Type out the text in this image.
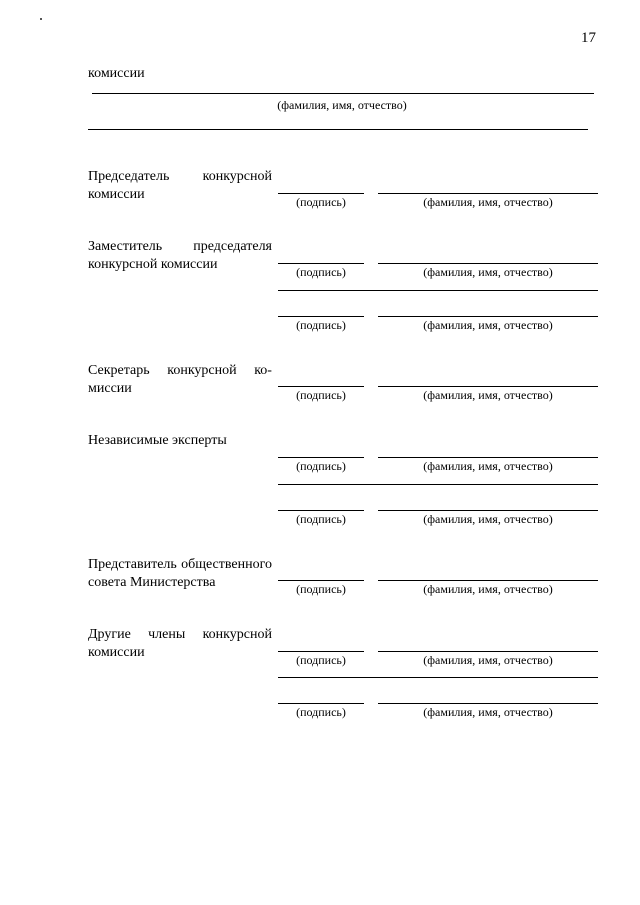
17
комиссии
(фамилия, имя, отчество)
Председатель конкурсной
комиссии	(подпись)	(фамилия, имя, отчество)
Заместитель председателя
конкурсной комиссии	(подпись)	(фамилия, имя, отчество)
(подпись)	(фамилия, имя, отчество)
Секретарь конкурсной ко-
миссии	(подпись)	(фамилия, имя, отчество)
Независимые эксперты
(подпись)	(фамилия, имя, отчество)
(подпись)	(фамилия, имя, отчество)
Представитель общественного
совета Министерства	(подпись)	(фамилия, имя, отчество)
Другие члены конкурсной
комиссии	(подпись)	(фамилия, имя, отчество)
(подпись)	(фамилия, имя, отчество)
